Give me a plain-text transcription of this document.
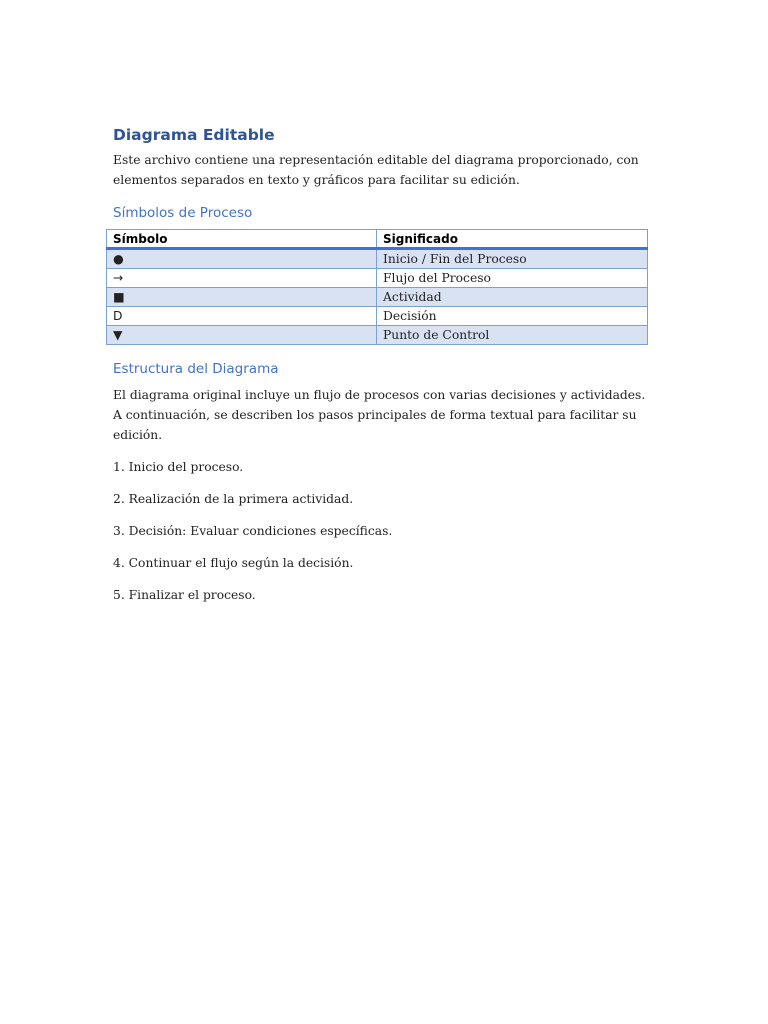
Diagrama Editable

Este archivo contiene una representación editable del diagrama proporcionado, con elementos separados en texto y gráficos para facilitar su edición.

Símbolos de Proceso
Símbolo	Significado
●	Inicio / Fin del Proceso
→	Flujo del Proceso
■	Actividad
D	Decisión
▼	Punto de Control
Estructura del Diagrama

El diagrama original incluye un flujo de procesos con varias decisiones y actividades. A continuación, se describen los pasos principales de forma textual para facilitar su edición.

1. Inicio del proceso.

2. Realización de la primera actividad.

3. Decisión: Evaluar condiciones específicas.

4. Continuar el flujo según la decisión.

5. Finalizar el proceso.
